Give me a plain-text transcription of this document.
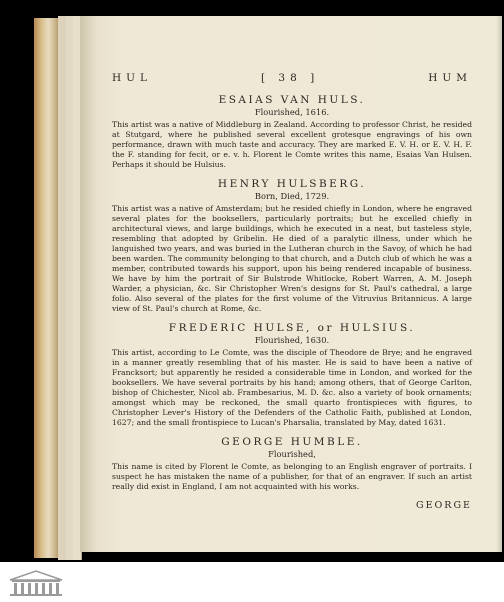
HUL	[ 38 ]	HUM

ESAIAS VAN HULS.

Flourished, 1616.

This artist was a native of Middleburg in Zealand. According to professor Christ, he resided at Stutgard, where he published several excellent grotesque engravings of his own performance, drawn with much taste and accuracy. They are marked E. V. H. or E. V. H. F. the F. standing for fecit, or e. v. h. Florent le Comte writes this name, Esaias Van Hulsen. Perhaps it should be Hulsius.

HENRY HULSBERG.

Born, Died, 1729.

This artist was a native of Amsterdam; but he resided chiefly in London, where he engraved several plates for the booksellers, particularly portraits; but he excelled chiefly in architectural views, and large buildings, which he executed in a neat, but tasteless style, resembling that adopted by Gribelin. He died of a paralytic illness, under which he languished two years, and was buried in the Lutheran church in the Savoy, of which he had been warden. The community belonging to that church, and a Dutch club of which he was a member, contributed towards his support, upon his being rendered incapable of business. We have by him the portrait of Sir Bulstrode Whitlocke, Robert Warren, A. M. Joseph Warder, a physician, &c. Sir Christopher Wren's designs for St. Paul's cathedral, a large folio. Also several of the plates for the first volume of the Vitruvius Britannicus. A large view of St. Paul's church at Rome, &c.

FREDERIC HULSE, or HULSIUS.

Flourished, 1630.

This artist, according to Le Comte, was the disciple of Theodore de Brye; and he engraved in a manner greatly resembling that of his master. He is said to have been a native of Francksort; but apparently he resided a considerable time in London, and worked for the booksellers. We have several portraits by his hand; among others, that of George Carlton, bishop of Chichester, Nicol ab. Frambesarius, M. D. &c. also a variety of book ornaments; amongst which may be reckoned, the small quarto frontispieces with figures, to Christopher Lever's History of the Defenders of the Catholic Faith, published at London, 1627; and the small frontispiece to Lucan's Pharsalia, translated by May, dated 1631.

GEORGE HUMBLE.

Flourished,

This name is cited by Florent le Comte, as belonging to an English engraver of portraits. I suspect he has mistaken the name of a publisher, for that of an engraver. If such an artist really did exist in England, I am not acquainted with his works.

GEORGE
